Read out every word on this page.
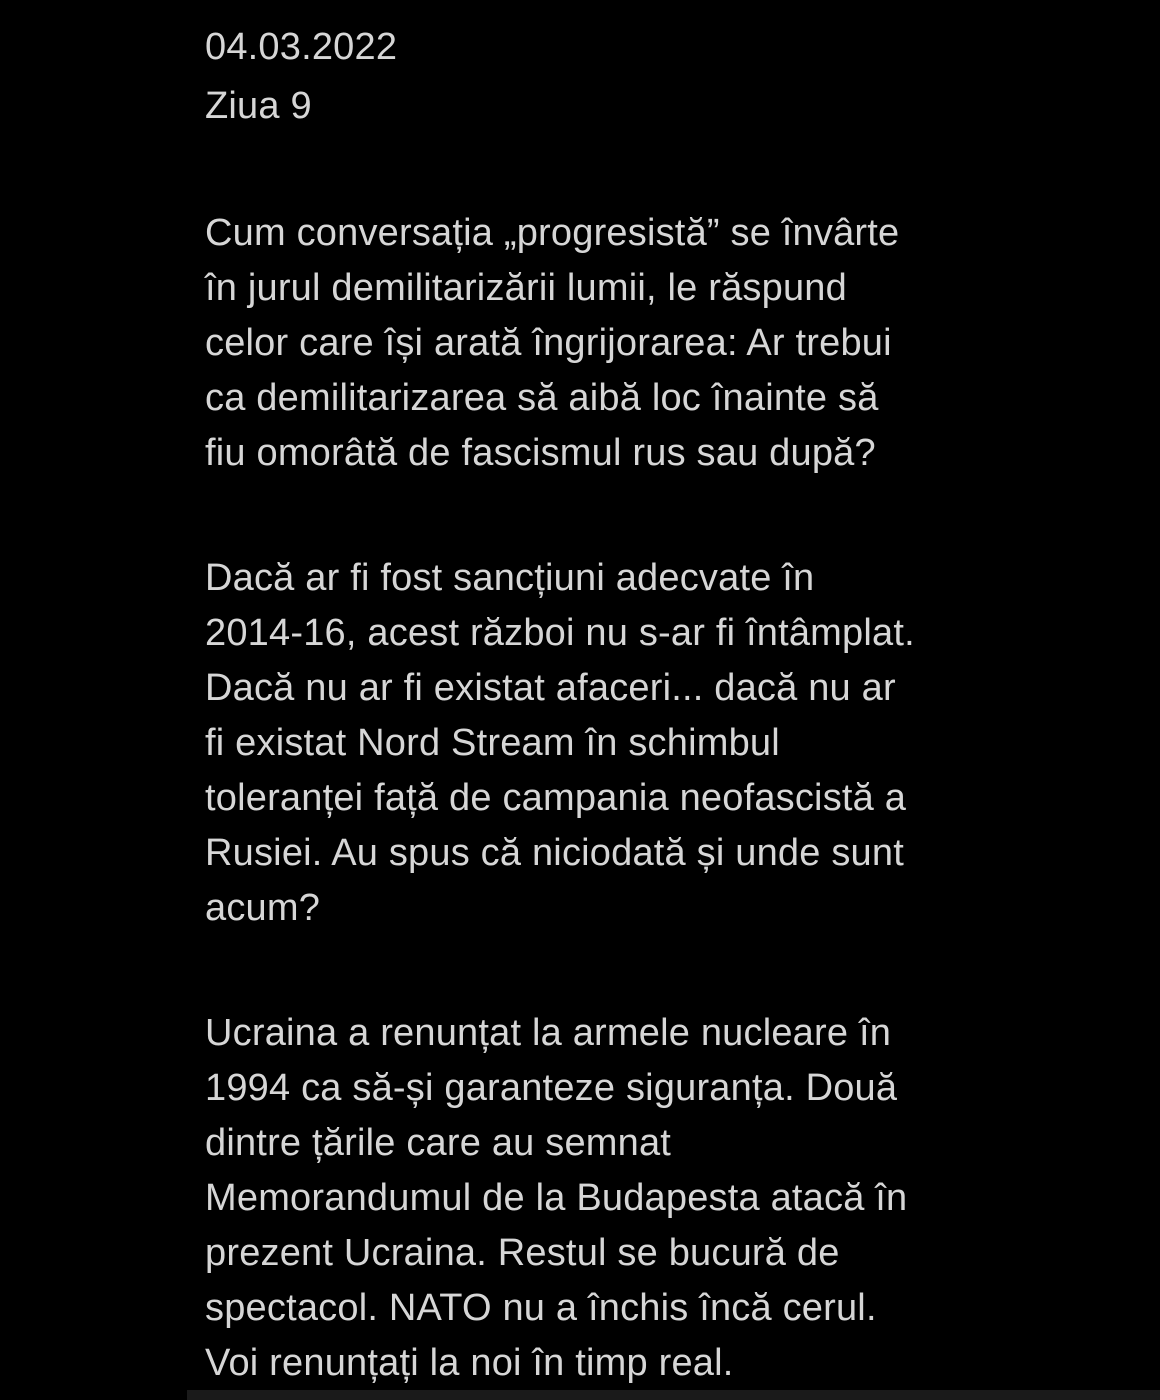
04.03.2022
Ziua 9
Cum conversația „progresistă” se învârte
în jurul demilitarizării lumii, le răspund
celor care își arată îngrijorarea: Ar trebui
ca demilitarizarea să aibă loc înainte să
fiu omorâtă de fascismul rus sau după?
Dacă ar fi fost sancțiuni adecvate în
2014-16, acest război nu s-ar fi întâmplat.
Dacă nu ar fi existat afaceri... dacă nu ar
fi existat Nord Stream în schimbul
toleranței față de campania neofascistă a
Rusiei. Au spus că niciodată și unde sunt
acum?
Ucraina a renunțat la armele nucleare în
1994 ca să-și garanteze siguranța. Două
dintre țările care au semnat
Memorandumul de la Budapesta atacă în
prezent Ucraina. Restul se bucură de
spectacol. NATO nu a închis încă cerul.
Voi renunțați la noi în timp real.
